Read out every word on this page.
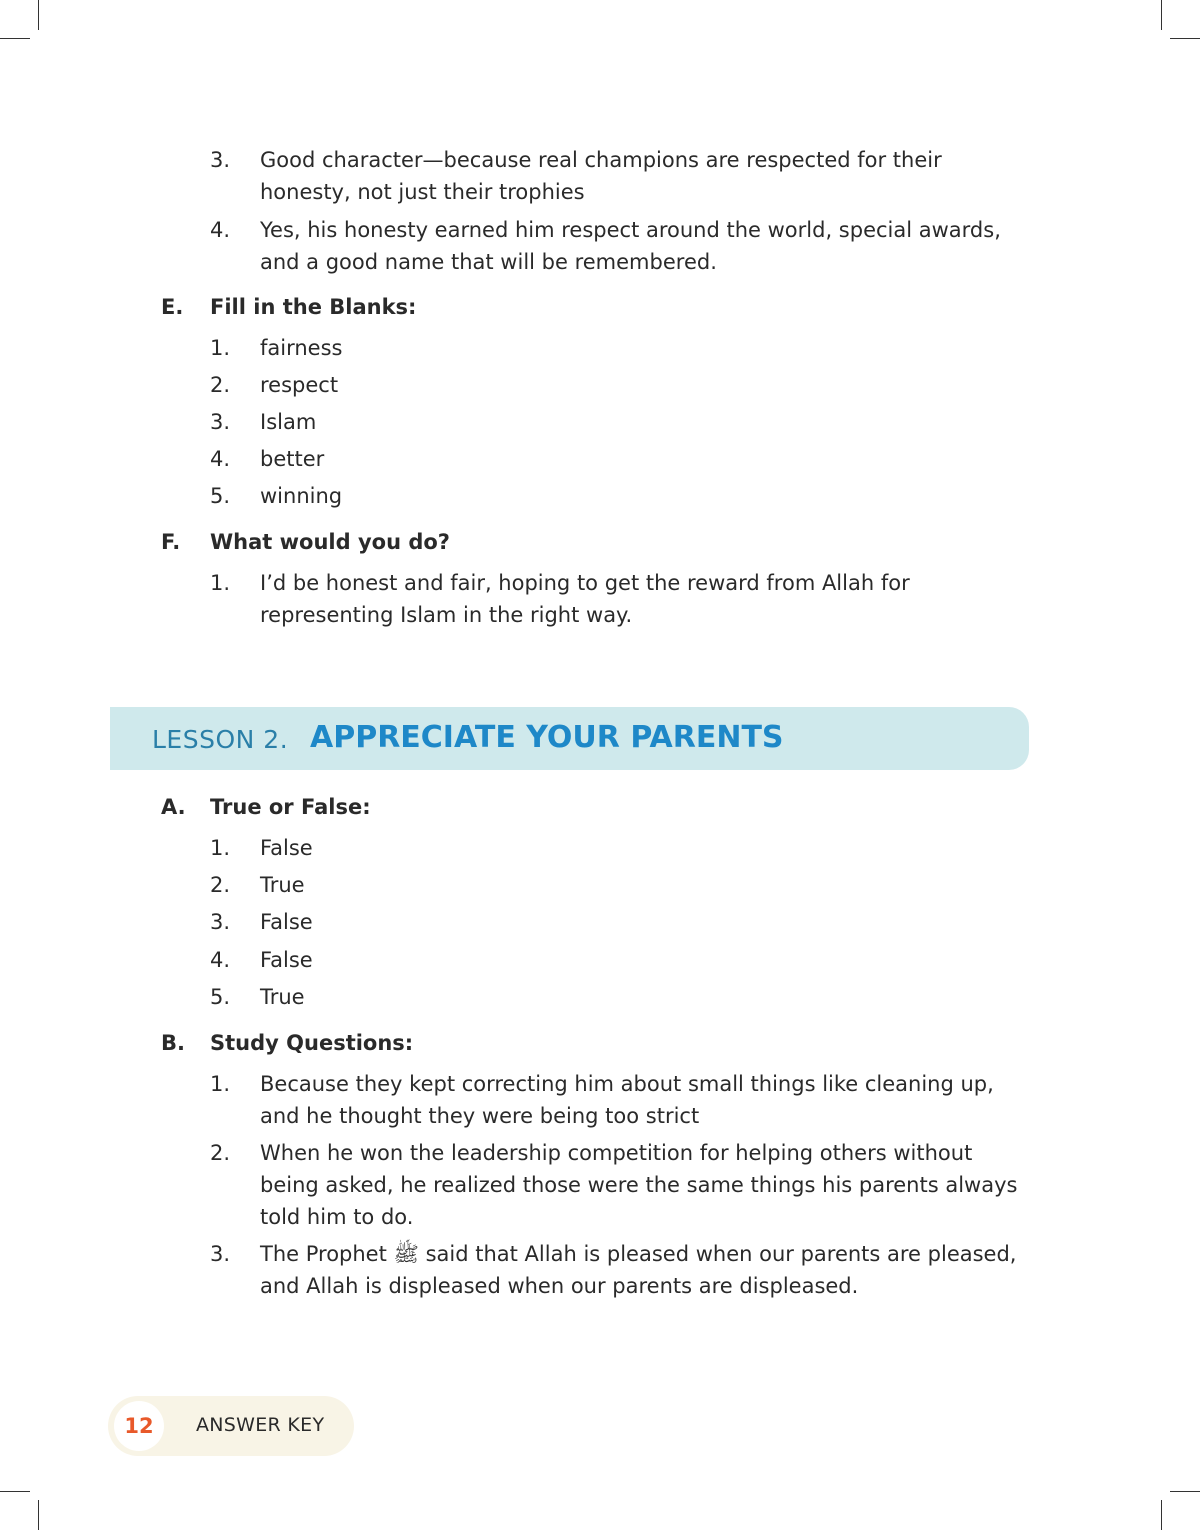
3. Good character—because real champions are respected for their
honesty, not just their trophies
4. Yes, his honesty earned him respect around the world, special awards,
and a good name that will be remembered.
E. Fill in the Blanks:
1. fairness
2. respect
3. Islam
4. better
5. winning
F. What would you do?
1. I’d be honest and fair, hoping to get the reward from Allah for
representing Islam in the right way.
LESSON 2. APPRECIATE YOUR PARENTS
A. True or False:
1. False
2. True
3. False
4. False
5. True
B. Study Questions:
1. Because they kept correcting him about small things like cleaning up,
and he thought they were being too strict
2. When he won the leadership competition for helping others without
being asked, he realized those were the same things his parents always
told him to do.
3. The Prophet ﷺ said that Allah is pleased when our parents are pleased,
and Allah is displeased when our parents are displeased.
12	ANSWER KEY
